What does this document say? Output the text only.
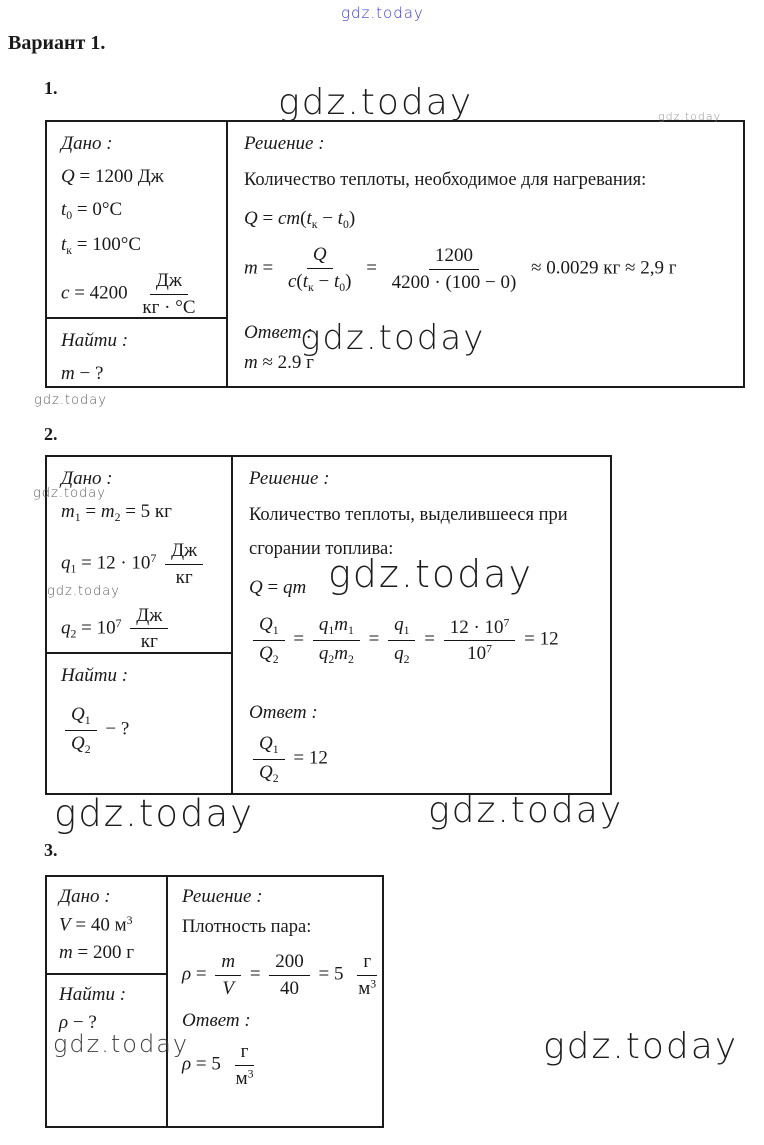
gdz.today
gdz.today	gdz.today
gdz.today
gdz.today
gdz.today
gdz.today	gdz.today
gdz.today	gdz.today
gdz.today	gdz.today
Вариант 1.
1.
2.
3.
Дано :
Q = 1200 Дж
$t_0 = 0^\circ С$
$t_к = 100^\circ С$
$c = 4200 \frac{Дж}{кг \cdot ^\circ С}$
Найти :
m − ?
Решение :
Количество теплоты, необходимое для нагревания:
$Q = cm(t_к - t_0)$
$m = \frac{Q}{c(t_к - t_0)} = \frac{1200}{4200 \cdot (100 - 0)} \approx 0.0029$ кг ≈ 2,9 г
Ответ :
m ≈ 2.9 г
Дано :
$m_1 = m_2 = 5$ кг
$q_1 = 12 \cdot 10^7 \frac{Дж}{кг}$
$q_2 = 10^7 \frac{Дж}{кг}$
Найти :
$\frac{Q_1}{Q_2}$ − ?
Решение :
Количество теплоты, выделившееся при сгорании топлива:
Q = qm
$\frac{Q_1}{Q_2} = \frac{q_1m_1}{q_2m_2} = \frac{q_1}{q_2} = \frac{12 \cdot 10^7}{10^7} = 12$
Ответ :
$\frac{Q_1}{Q_2} = 12$
Дано :
V = 40 $м^3$
m = 200 г
Найти :
ρ − ?
Решение :
Плотность пара:
$\rho = \frac{m}{V} = \frac{200}{40} = 5 \frac{г}{м^3}$
Ответ :
$\rho = 5 \frac{г}{м^3}$
